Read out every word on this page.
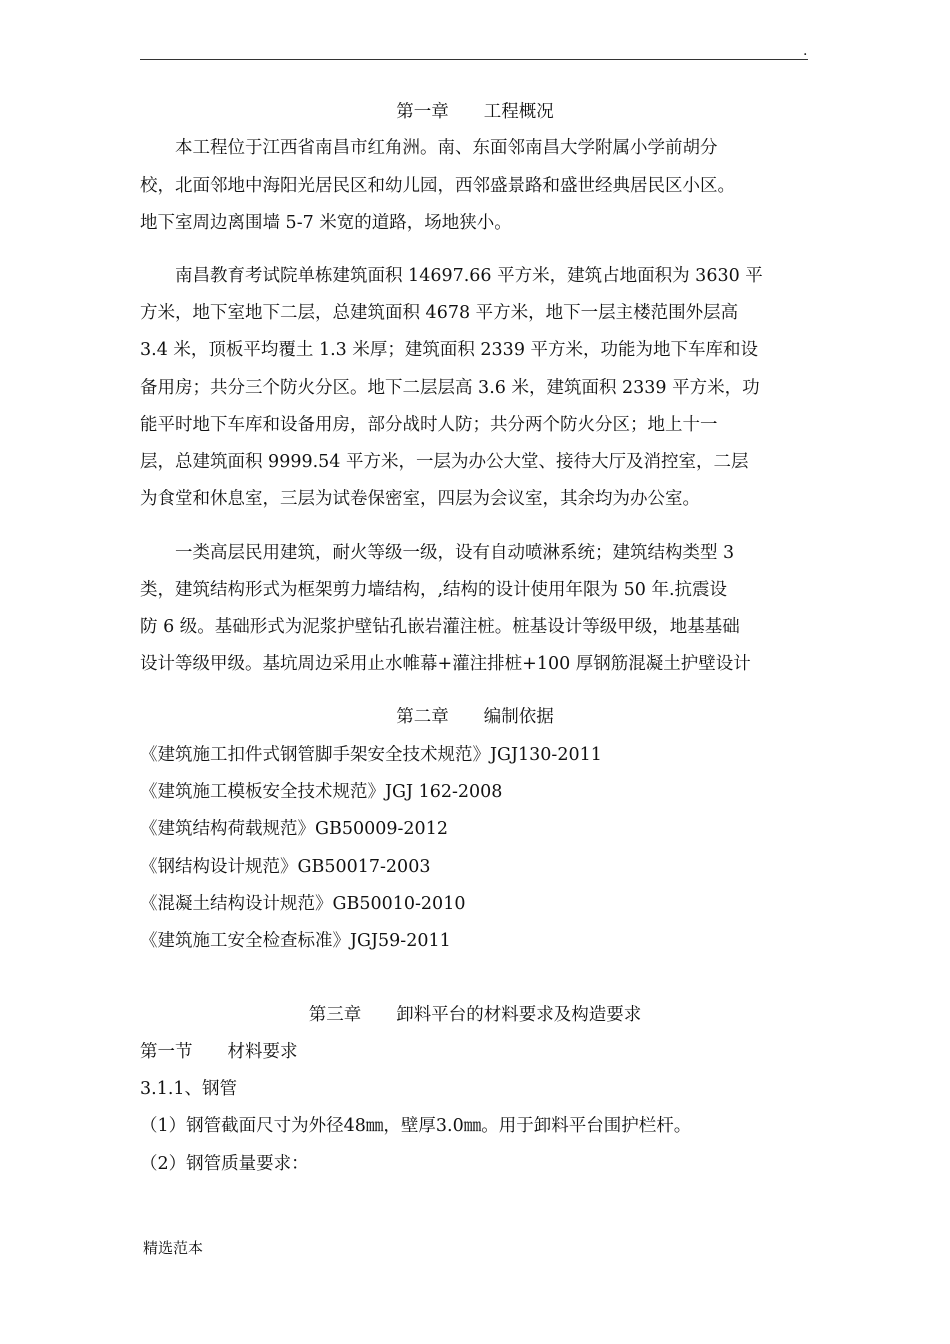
.
第一章　　工程概况
　　本工程位于江西省南昌市红角洲。南、东面邻南昌大学附属小学前胡分
校，北面邻地中海阳光居民区和幼儿园，西邻盛景路和盛世经典居民区小区。
地下室周边离围墙 5-7 米宽的道路，场地狭小。
　　南昌教育考试院单栋建筑面积 14697.66 平方米，建筑占地面积为 3630 平
方米，地下室地下二层，总建筑面积 4678 平方米，地下一层主楼范围外层高
3.4 米，顶板平均覆土 1.3 米厚；建筑面积 2339 平方米，功能为地下车库和设
备用房；共分三个防火分区。地下二层层高 3.6 米，建筑面积 2339 平方米，功
能平时地下车库和设备用房，部分战时人防；共分两个防火分区；地上十一
层，总建筑面积 9999.54 平方米，一层为办公大堂、接待大厅及消控室，二层
为食堂和休息室，三层为试卷保密室，四层为会议室，其余均为办公室。
　　一类高层民用建筑，耐火等级一级，设有自动喷淋系统；建筑结构类型 3
类，建筑结构形式为框架剪力墙结构，,结构的设计使用年限为 50 年.抗震设
防 6 级。基础形式为泥浆护壁钻孔嵌岩灌注桩。桩基设计等级甲级，地基基础
设计等级甲级。基坑周边采用止水帷幕+灌注排桩+100 厚钢筋混凝土护壁设计
第二章　　编制依据
《建筑施工扣件式钢管脚手架安全技术规范》JGJ130-2011
《建筑施工模板安全技术规范》JGJ 162-2008
《建筑结构荷载规范》GB50009-2012
《钢结构设计规范》GB50017-2003
《混凝土结构设计规范》GB50010-2010
《建筑施工安全检查标准》JGJ59-2011
第三章　　卸料平台的材料要求及构造要求
第一节　　材料要求
3.1.1、钢管
（1）钢管截面尺寸为外径48㎜，壁厚3.0㎜。用于卸料平台围护栏杆。
（2）钢管质量要求：
精选范本
